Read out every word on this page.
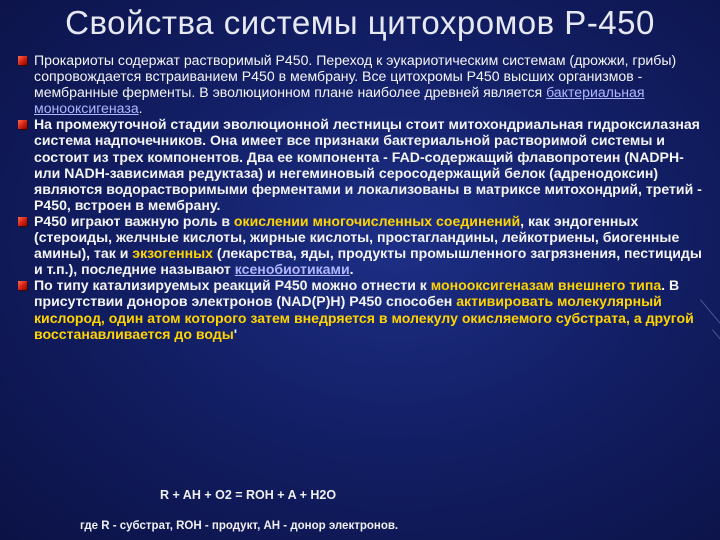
Свойства системы цитохромов Р-450
Прокариоты содержат растворимый Р450. Переход к эукариотическим системам (дрожжи, грибы) сопровождается встраиванием Р450 в мембрану. Все цитохромы Р450 высших организмов - мембранные ферменты. В эволюционном плане наиболее древней является бактериальная монооксигеназа.
На промежуточной стадии эволюционной лестницы стоит митохондриальная гидроксилазная система надпочечников. Она имеет все признаки бактериальной растворимой системы и состоит из трех компонентов. Два ее компонента - FAD-содержащий флавопротеин (NADPH- или NADH-зависимая редуктаза) и негеминовый серосодержащий белок (адренодоксин) являются водорастворимыми ферментами и локализованы в матриксе митохондрий, третий - Р450, встроен в мембрану.
Р450 играют важную роль в окислении многочисленных соединений, как эндогенных (стероиды, желчные кислоты, жирные кислоты, простагландины, лейкотриены, биогенные амины), так и экзогенных (лекарства, яды, продукты промышленного загрязнения, пестициды и т.п.), последние называют ксенобиотиками.
По типу катализируемых реакций Р450 можно отнести к монооксигеназам внешнего типа. В присутствии доноров электронов (NAD(P)H) Р450 способен активировать молекулярный кислород, один атом которого затем внедряется в молекулу окисляемого субстрата, а другой восстанавливается до воды'
R + AH + O2 = ROH + A + H2O
где R - субстрат, ROH - продукт, AH - донор электронов.
